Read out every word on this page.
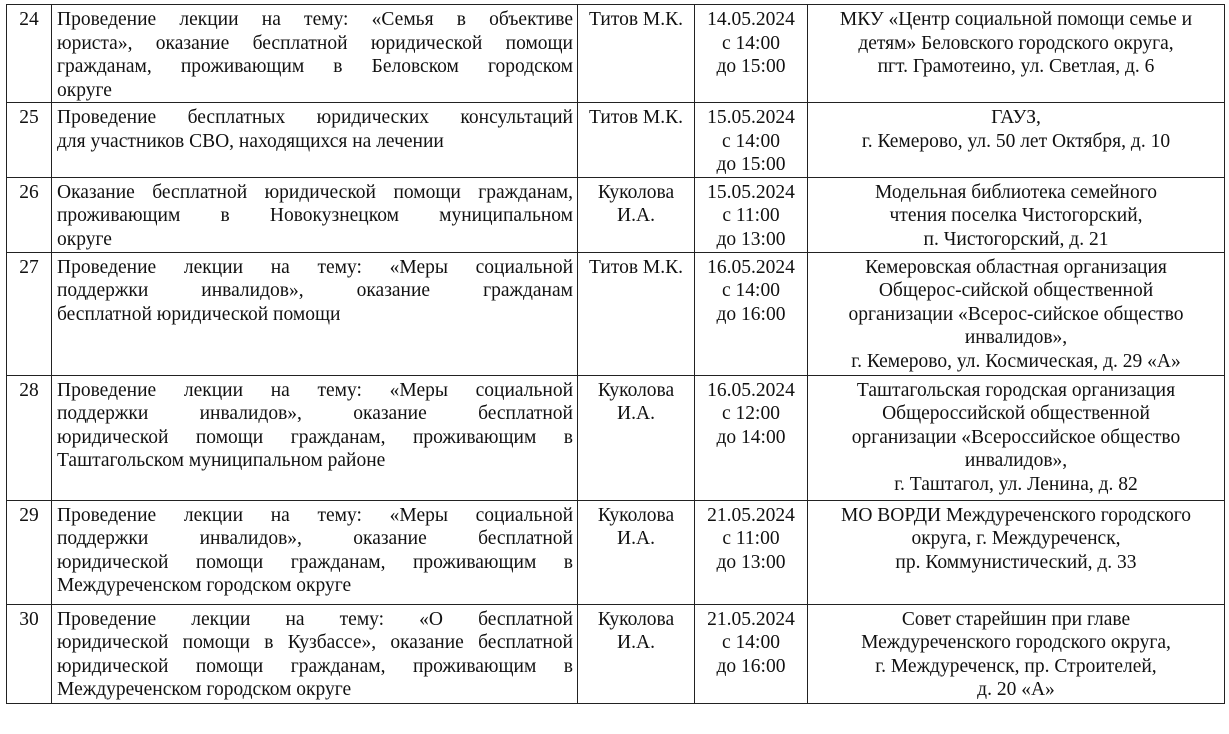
24	Проведение лекции на тему: «Семья в объективе
юриста», оказание бесплатной юридической помощи
гражданам, проживающим в Беловском городском
округе	Титов М.К.	14.05.2024
с 14:00
до 15:00	МКУ «Центр социальной помощи семье и
детям» Беловского городского округа,
пгт. Грамотеино, ул. Светлая, д. 6

25	Проведение бесплатных юридических консультаций
для участников СВО, находящихся на лечении	Титов М.К.	15.05.2024
с 14:00
до 15:00	ГАУЗ,
г. Кемерово, ул. 50 лет Октября, д. 10

26	Оказание бесплатной юридической помощи гражданам,
проживающим в Новокузнецком муниципальном
округе	Куколова
И.А.	15.05.2024
с 11:00
до 13:00	Модельная библиотека семейного
чтения поселка Чистогорский,
п. Чистогорский, д. 21

27	Проведение лекции на тему: «Меры социальной
поддержки инвалидов», оказание гражданам
бесплатной юридической помощи	Титов М.К.	16.05.2024
с 14:00
до 16:00	Кемеровская областная организация
Общерос-сийской общественной
организации «Всерос-сийское общество
инвалидов»,
г. Кемерово, ул. Космическая, д. 29 «А»

28	Проведение лекции на тему: «Меры социальной
поддержки инвалидов», оказание бесплатной
юридической помощи гражданам, проживающим в
Таштагольском муниципальном районе	Куколова
И.А.	16.05.2024
с 12:00
до 14:00	Таштагольская городская организация
Общероссийской общественной
организации «Всероссийское общество
инвалидов»,
г. Таштагол, ул. Ленина, д. 82

29	Проведение лекции на тему: «Меры социальной
поддержки инвалидов», оказание бесплатной
юридической помощи гражданам, проживающим в
Междуреченском городском округе	Куколова
И.А.	21.05.2024
с 11:00
до 13:00	МО ВОРДИ Междуреченского городского
округа, г. Междуреченск,
пр. Коммунистический, д. 33

30	Проведение лекции на тему: «О бесплатной
юридической помощи в Кузбассе», оказание бесплатной
юридической помощи гражданам, проживающим в
Междуреченском городском округе	Куколова
И.А.	21.05.2024
с 14:00
до 16:00	Совет старейшин при главе
Междуреченского городского округа,
г. Междуреченск, пр. Строителей,
д. 20 «А»
